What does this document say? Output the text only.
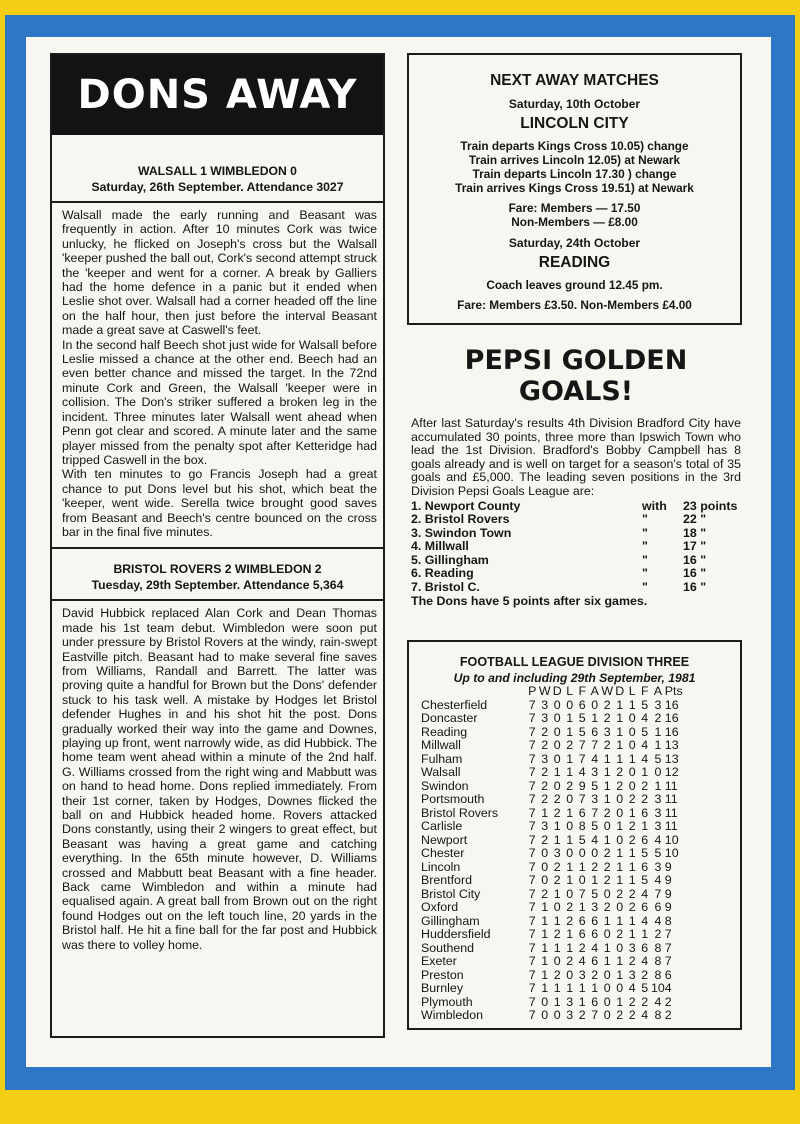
DONS AWAY
WALSALL 1 WIMBLEDON 0
Saturday, 26th September. Attendance 3027

Walsall made the early running and Beasant was frequently in action. After 10 minutes Cork was twice unlucky, he flicked on Joseph's cross but the Walsall 'keeper pushed the ball out, Cork's second attempt struck the 'keeper and went for a corner. A break by Galliers had the home defence in a panic but it ended when Leslie shot over. Walsall had a corner headed off the line on the half hour, then just before the interval Beasant made a great save at Caswell's feet.

In the second half Beech shot just wide for Walsall before Leslie missed a chance at the other end. Beech had an even better chance and missed the target. In the 72nd minute Cork and Green, the Walsall 'keeper were in collision. The Don's striker suffered a broken leg in the incident. Three minutes later Walsall went ahead when Penn got clear and scored. A minute later and the same player missed from the penalty spot after Ketteridge had tripped Caswell in the box.

With ten minutes to go Francis Joseph had a great chance to put Dons level but his shot, which beat the 'keeper, went wide. Serella twice brought good saves from Beasant and Beech's centre bounced on the cross bar in the final five minutes.

BRISTOL ROVERS 2 WIMBLEDON 2
Tuesday, 29th September. Attendance 5,364

David Hubbick replaced Alan Cork and Dean Thomas made his 1st team debut. Wimbledon were soon put under pressure by Bristol Rovers at the windy, rain-swept Eastville pitch. Beasant had to make several fine saves from Williams, Randall and Barrett. The latter was proving quite a handful for Brown but the Dons' defender stuck to his task well. A mistake by Hodges let Bristol defender Hughes in and his shot hit the post. Dons gradually worked their way into the game and Downes, playing up front, went narrowly wide, as did Hubbick. The home team went ahead within a minute of the 2nd half. G. Williams crossed from the right wing and Mabbutt was on hand to head home. Dons replied immediately. From their 1st corner, taken by Hodges, Downes flicked the ball on and Hubbick headed home. Rovers attacked Dons constantly, using their 2 wingers to great effect, but Beasant was having a great game and catching everything. In the 65th minute however, D. Williams crossed and Mabbutt beat Beasant with a fine header. Back came Wimbledon and within a minute had equalised again. A great ball from Brown out on the right found Hodges out on the left touch line, 20 yards in the Bristol half. He hit a fine ball for the far post and Hubbick was there to volley home.

NEXT AWAY MATCHES
Saturday, 10th October
LINCOLN CITY
Train departs Kings Cross 10.05) change
Train arrives Lincoln 12.05) at Newark
Train departs Lincoln 17.30 ) change
Train arrives Kings Cross 19.51) at Newark
Fare: Members — 17.50
Non-Members — £8.00
Saturday, 24th October
READING
Coach leaves ground 12.45 pm.
Fare: Members £3.50. Non-Members £4.00
PEPSI GOLDEN
GOALS!
After last Saturday's results 4th Division Bradford City have accumulated 30 points, three more than Ipswich Town who lead the 1st Division. Bradford's Bobby Campbell has 8 goals already and is well on target for a season's total of 35 goals and £5,000. The leading seven positions in the 3rd Division Pepsi Goals League are:
1. Newport County	with	23 points
2. Bristol Rovers	"	22 "
3. Swindon Town	"	18 "
4. Millwall	"	17 "
5. Gillingham	"	16 "
6. Reading	"	16 "
7. Bristol C.	"	16 "
The Dons have 5 points after six games.
FOOTBALL LEAGUE DIVISION THREE
Up to and including 29th September, 1981
	P	W	D	L	F	A	W	D	L	F	A	Pts
Chesterfield	7	3	0	0	6	0	2	1	1	5	3	16
Doncaster	7	3	0	1	5	1	2	1	0	4	2	16
Reading	7	2	0	1	5	6	3	1	0	5	1	16
Millwall	7	2	0	2	7	7	2	1	0	4	1	13
Fulham	7	3	0	1	7	4	1	1	1	4	5	13
Walsall	7	2	1	1	4	3	1	2	0	1	0	12
Swindon	7	2	0	2	9	5	1	2	0	2	1	11
Portsmouth	7	2	2	0	7	3	1	0	2	2	3	11
Bristol Rovers	7	1	2	1	6	7	2	0	1	6	3	11
Carlisle	7	3	1	0	8	5	0	1	2	1	3	11
Newport	7	2	1	1	5	4	1	0	2	6	4	10
Chester	7	0	3	0	0	0	2	1	1	5	5	10
Lincoln	7	0	2	1	1	2	2	1	1	6	3	9
Brentford	7	0	2	1	0	1	2	1	1	5	4	9
Bristol City	7	2	1	0	7	5	0	2	2	4	7	9
Oxford	7	1	0	2	1	3	2	0	2	6	6	9
Gillingham	7	1	1	2	6	6	1	1	1	4	4	8
Huddersfield	7	1	2	1	6	6	0	2	1	1	2	7
Southend	7	1	1	1	2	4	1	0	3	6	8	7
Exeter	7	1	0	2	4	6	1	1	2	4	8	7
Preston	7	1	2	0	3	2	0	1	3	2	8	6
Burnley	7	1	1	1	1	1	0	0	4	5	10	4
Plymouth	7	0	1	3	1	6	0	1	2	2	4	2
Wimbledon	7	0	0	3	2	7	0	2	2	4	8	2
